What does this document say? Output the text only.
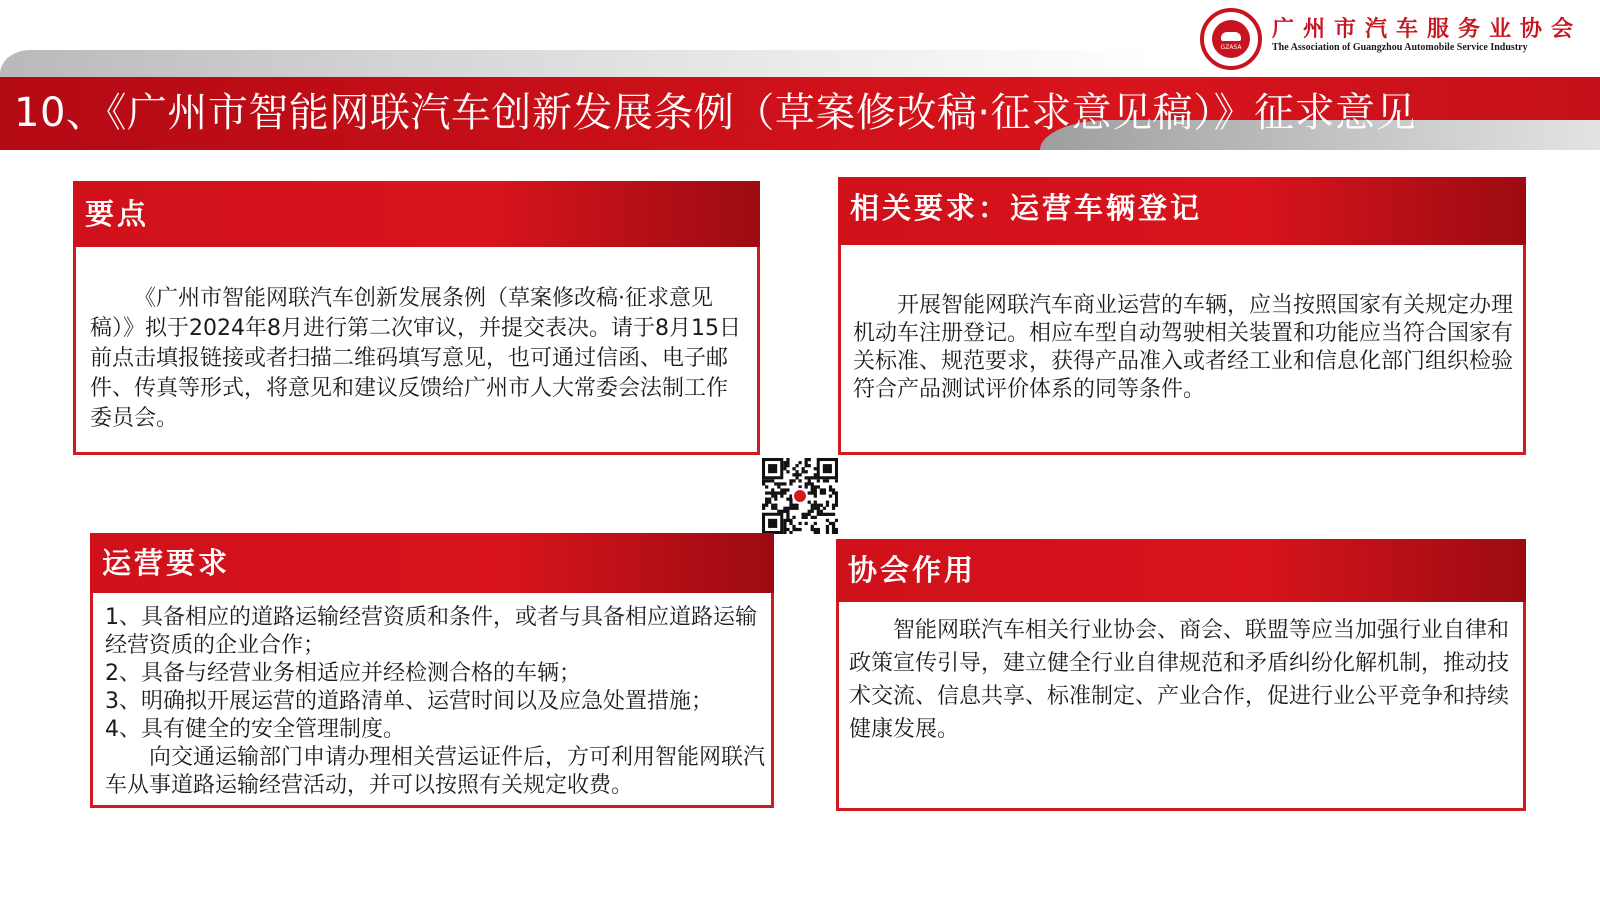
GZASA
广州市汽车服务业协会
The Association of Guangzhou Automobile Service Industry
10、《广州市智能网联汽车创新发展条例（草案修改稿·征求意见稿）》征求意见
要点
《广州市智能网联汽车创新发展条例（草案修改稿·征求意见稿）》拟于2024年8月进行第二次审议，并提交表决。请于8月15日前点击填报链接或者扫描二维码填写意见，也可通过信函、电子邮件、传真等形式，将意见和建议反馈给广州市人大常委会法制工作委员会。
相关要求：运营车辆登记
开展智能网联汽车商业运营的车辆，应当按照国家有关规定办理机动车注册登记。相应车型自动驾驶相关装置和功能应当符合国家有关标准、规范要求，获得产品准入或者经工业和信息化部门组织检验符合产品测试评价体系的同等条件。
运营要求

1、具备相应的道路运输经营资质和条件，或者与具备相应道路运输经营资质的企业合作；

2、具备与经营业务相适应并经检测合格的车辆；

3、明确拟开展运营的道路清单、运营时间以及应急处置措施；

4、具有健全的安全管理制度。

向交通运输部门申请办理相关营运证件后，方可利用智能网联汽车从事道路运输经营活动，并可以按照有关规定收费。

协会作用
智能网联汽车相关行业协会、商会、联盟等应当加强行业自律和政策宣传引导，建立健全行业自律规范和矛盾纠纷化解机制，推动技术交流、信息共享、标准制定、产业合作，促进行业公平竞争和持续健康发展。
